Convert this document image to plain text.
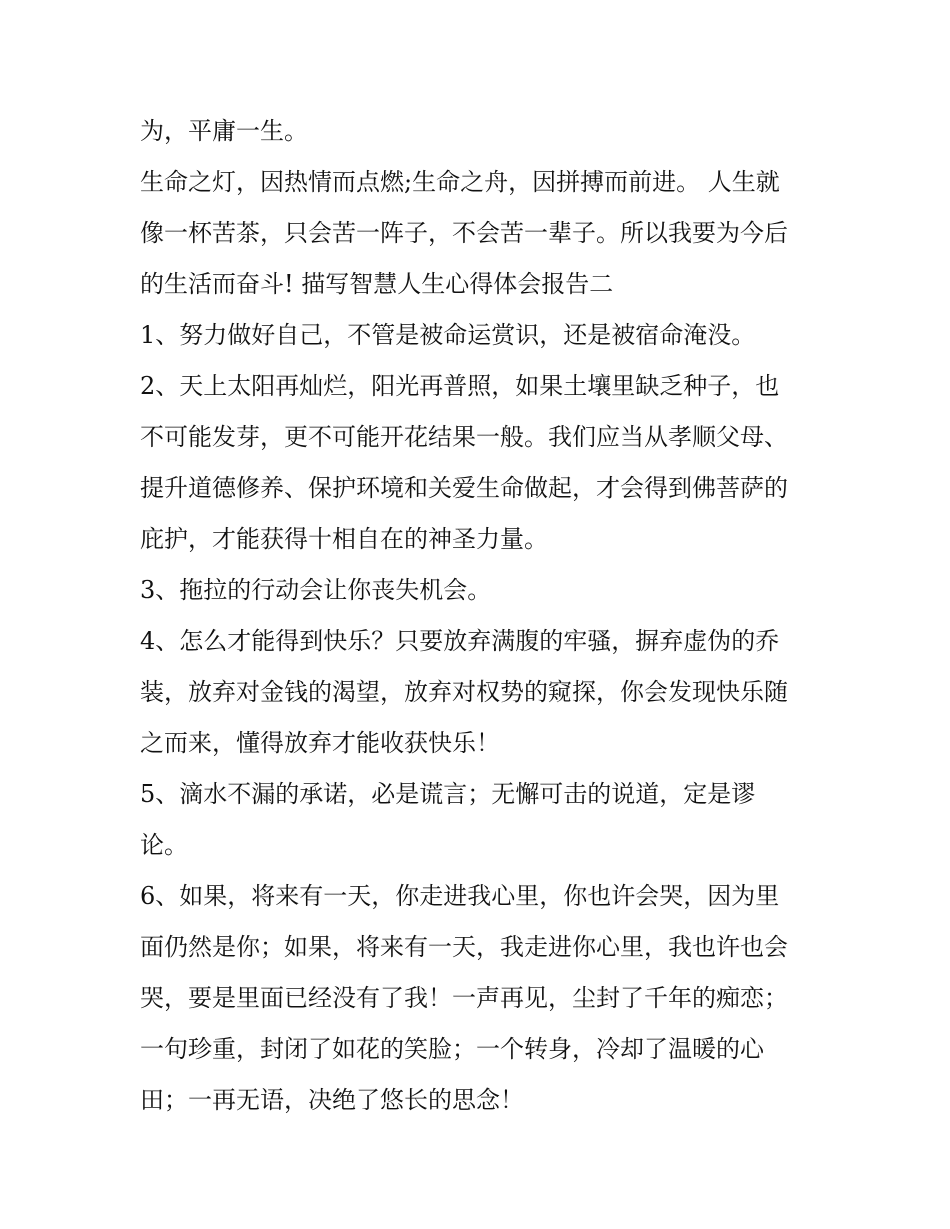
为，平庸一生。
生命之灯，因热情而点燃;生命之舟，因拼搏而前进。 人生就
像一杯苦茶，只会苦一阵子，不会苦一辈子。所以我要为今后
的生活而奋斗! 描写智慧人生心得体会报告二
1、努力做好自己，不管是被命运赏识，还是被宿命淹没。
2、天上太阳再灿烂，阳光再普照，如果土壤里缺乏种子，也
不可能发芽，更不可能开花结果一般。我们应当从孝顺父母、
提升道德修养、保护环境和关爱生命做起，才会得到佛菩萨的
庇护，才能获得十相自在的神圣力量。
3、拖拉的行动会让你丧失机会。
4、怎么才能得到快乐？只要放弃满腹的牢骚，摒弃虚伪的乔
装，放弃对金钱的渴望，放弃对权势的窥探，你会发现快乐随
之而来，懂得放弃才能收获快乐！
5、滴水不漏的承诺，必是谎言；无懈可击的说道，定是谬
论。
6、如果，将来有一天，你走进我心里，你也许会哭，因为里
面仍然是你；如果，将来有一天，我走进你心里，我也许也会
哭，要是里面已经没有了我！一声再见，尘封了千年的痴恋；
一句珍重，封闭了如花的笑脸；一个转身，冷却了温暖的心
田；一再无语，决绝了悠长的思念！
